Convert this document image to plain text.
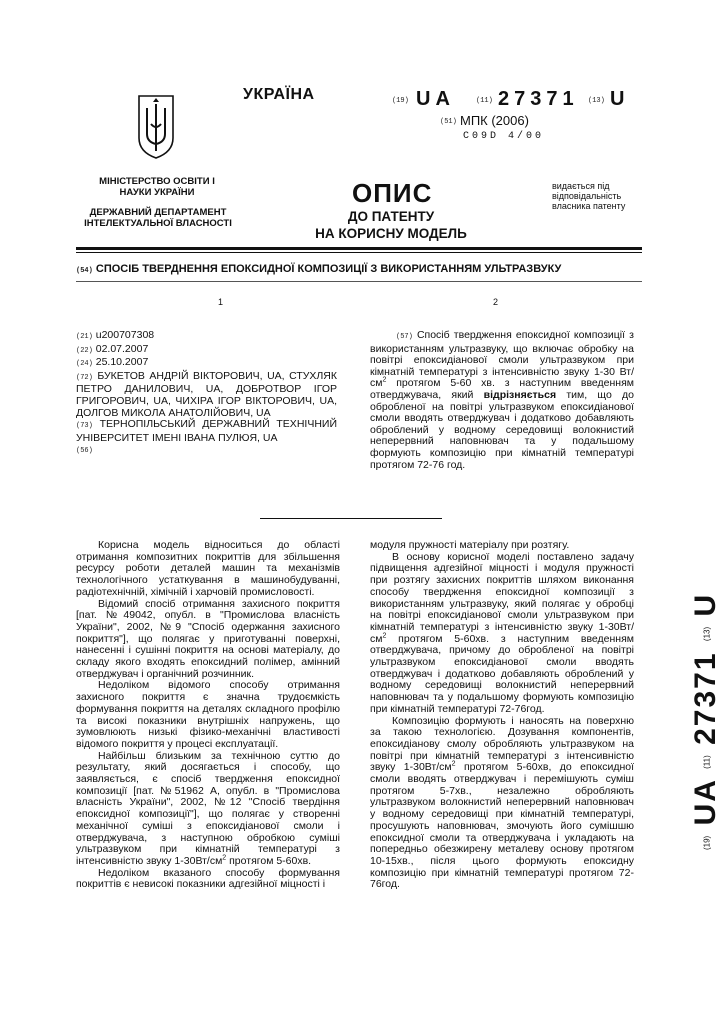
МІНІСТЕРСТВО ОСВІТИ І НАУКИ УКРАЇНИ
ДЕРЖАВНИЙ ДЕПАРТАМЕНТ ІНТЕЛЕКТУАЛЬНОЇ ВЛАСНОСТІ
УКРАЇНА	(19) UA	(11) 27371 (13) U
(51) МПК (2006)
C09D 4/00
ОПИС
ДО ПАТЕНТУ
НА КОРИСНУ МОДЕЛЬ
видається під відповідальність власника патенту
(54) СПОСІБ ТВЕРДНЕННЯ ЕПОКСИДНОЇ КОМПОЗИЦІЇ З ВИКОРИСТАННЯМ УЛЬТРАЗВУКУ
1	2
(21) u200707308
(22) 02.07.2007
(24) 25.10.2007
(72) БУКЕТОВ АНДРІЙ ВІКТОРОВИЧ, UA, СТУХЛЯК ПЕТРО ДАНИЛОВИЧ, UA, ДОБРОТВОР ІГОР ГРИГОРОВИЧ, UA, ЧИХІРА ІГОР ВІКТОРОВИЧ, UA, ДОЛГОВ МИКОЛА АНАТОЛІЙОВИЧ, UA
(73) ТЕРНОПІЛЬСЬКИЙ ДЕРЖАВНИЙ ТЕХНІЧНИЙ УНІВЕРСИТЕТ ІМЕНІ ІВАНА ПУЛЮЯ, UA
(56)
(57) Спосіб твердження епоксидної композиції з використанням ультразвуку, що включає обробку на повітрі епоксидіанової смоли ультразвуком при кімнатній температурі з інтенсивністю звуку 1-30 $Вт/см^2$ протягом 5-60 хв. з наступним введенням отверджувача, який відрізняється тим, що до обробленої на повітрі ультразвуком епоксидіанової смоли вводять отверджувач і додатково добавляють оброблений у водному середовищі волокнистий неперервний наповнювач та у подальшому формують композицію при кімнатній температурі протягом 72-76 год.

Корисна модель відноситься до області отримання композитних покриттів для збільшення ресурсу роботи деталей машин та механізмів технологічного устаткування в машинобудуванні, радіотехнічній, хімічній і харчовій промисловості.

Відомий спосіб отримання захисного покриття [пат. №49042, опубл. в "Промислова власність України", 2002, №9 "Спосіб одержання захисного покриття"], що полягає у приготуванні поверхні, нанесенні і сушінні покриття на основі матеріалу, до складу якого входять епоксидний полімер, амінний отверджувач і органічний розчинник.

Недоліком відомого способу отримання захисного покриття є значна трудоємкість формування покриття на деталях складного профілю та високі показники внутрішніх напружень, що зумовлюють низькі фізико-механічні властивості відомого покриття у процесі експлуатації.

Найбільш близьким за технічною суттю до результату, який досягається і способу, що заявляється, є спосіб твердження епоксидної композиції [пат. №51962 А, опубл. в "Промислова власність України", 2002, №12 "Спосіб твердіння епоксидної композиції"], що полягає у створенні механічної суміші з епоксидіанової смоли і отверджувача, з наступною обробкою суміші ультразвуком при кімнатній температурі з інтенсивністю звуку $1-30Вт/см^2$ протягом 5-60хв.

Недоліком вказаного способу формування покриттів є невисокі показники адгезійної міцності і

модуля пружності матеріалу при розтягу.

В основу корисної моделі поставлено задачу підвищення адгезійної міцності і модуля пружності при розтягу захисних покриттів шляхом виконання способу твердження епоксидної композиції з використанням ультразвуку, який полягає у обробці на повітрі епоксидіанової смоли ультразвуком при кімнатній температурі з інтенсивністю звуку $1-30Вт/см^2$ протягом 5-60хв. з наступним введенням отверджувача, причому до обробленої на повітрі ультразвуком епоксидіанової смоли вводять отверджувач і додатково добавляють оброблений у водному середовищі волокнистий неперервний наповнювач та у подальшому формують композицію при кімнатній температурі 72-76год.

Композицію формують і наносять на поверхню за такою технологією. Дозування компонентів, епоксидіанову смолу обробляють ультразвуком на повітрі при кімнатній температурі з інтенсивністю звуку $1-30Вт/см^2$ протягом 5-60хв, до епоксидної смоли вводять отверджувач і перемішують суміш протягом 5-7хв., незалежно обробляють ультразвуком волокнистий неперервний наповнювач у водному середовищі при кімнатній температурі, просушують наповнювач, змочують його сумішшю епоксидної смоли та отверджувача і укладають на попередньо обезжирену металеву основу протягом 10-15хв., після цього формують епоксидну композицію при кімнатній температурі протягом 72-76год.

(19) UA (11) 27371 (13) U
